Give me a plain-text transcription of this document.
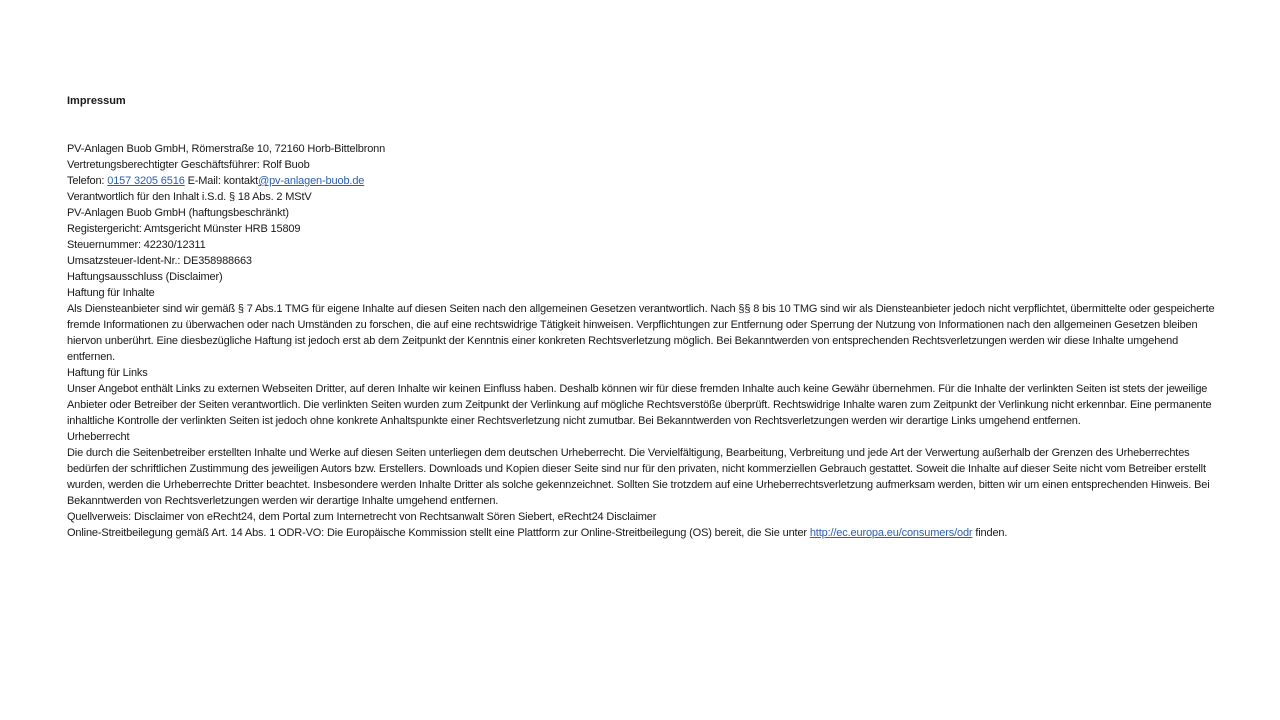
Impressum
PV-Anlagen Buob GmbH, Römerstraße 10, 72160 Horb-Bittelbronn
Vertretungsberechtigter Geschäftsführer: Rolf Buob
Telefon: 0157 3205 6516 E-Mail: kontakt@pv-anlagen-buob.de
Verantwortlich für den Inhalt i.S.d. § 18 Abs. 2 MStV
PV-Anlagen Buob GmbH (haftungsbeschränkt)
Registergericht: Amtsgericht Münster HRB 15809
Steuernummer: 42230/12311
Umsatzsteuer-Ident-Nr.: DE358988663
Haftungsausschluss (Disclaimer)
Haftung für Inhalte
Als Diensteanbieter sind wir gemäß § 7 Abs.1 TMG für eigene Inhalte auf diesen Seiten nach den allgemeinen Gesetzen verantwortlich. Nach §§ 8 bis 10 TMG sind wir als Diensteanbieter jedoch nicht verpflichtet, übermittelte oder gespeicherte fremde Informationen zu überwachen oder nach Umständen zu forschen, die auf eine rechtswidrige Tätigkeit hinweisen. Verpflichtungen zur Entfernung oder Sperrung der Nutzung von Informationen nach den allgemeinen Gesetzen bleiben hiervon unberührt. Eine diesbezügliche Haftung ist jedoch erst ab dem Zeitpunkt der Kenntnis einer konkreten Rechtsverletzung möglich. Bei Bekanntwerden von entsprechenden Rechtsverletzungen werden wir diese Inhalte umgehend entfernen.
Haftung für Links
Unser Angebot enthält Links zu externen Webseiten Dritter, auf deren Inhalte wir keinen Einfluss haben. Deshalb können wir für diese fremden Inhalte auch keine Gewähr übernehmen. Für die Inhalte der verlinkten Seiten ist stets der jeweilige Anbieter oder Betreiber der Seiten verantwortlich. Die verlinkten Seiten wurden zum Zeitpunkt der Verlinkung auf mögliche Rechtsverstöße überprüft. Rechtswidrige Inhalte waren zum Zeitpunkt der Verlinkung nicht erkennbar. Eine permanente inhaltliche Kontrolle der verlinkten Seiten ist jedoch ohne konkrete Anhaltspunkte einer Rechtsverletzung nicht zumutbar. Bei Bekanntwerden von Rechtsverletzungen werden wir derartige Links umgehend entfernen.
Urheberrecht
Die durch die Seitenbetreiber erstellten Inhalte und Werke auf diesen Seiten unterliegen dem deutschen Urheberrecht. Die Vervielfältigung, Bearbeitung, Verbreitung und jede Art der Verwertung außerhalb der Grenzen des Urheberrechtes bedürfen der schriftlichen Zustimmung des jeweiligen Autors bzw. Erstellers. Downloads und Kopien dieser Seite sind nur für den privaten, nicht kommerziellen Gebrauch gestattet. Soweit die Inhalte auf dieser Seite nicht vom Betreiber erstellt wurden, werden die Urheberrechte Dritter beachtet. Insbesondere werden Inhalte Dritter als solche gekennzeichnet. Sollten Sie trotzdem auf eine Urheberrechtsverletzung aufmerksam werden, bitten wir um einen entsprechenden Hinweis. Bei Bekanntwerden von Rechtsverletzungen werden wir derartige Inhalte umgehend entfernen.
Quellverweis: Disclaimer von eRecht24, dem Portal zum Internetrecht von Rechtsanwalt Sören Siebert, eRecht24 Disclaimer
Online-Streitbeilegung gemäß Art. 14 Abs. 1 ODR-VO: Die Europäische Kommission stellt eine Plattform zur Online-Streitbeilegung (OS) bereit, die Sie unter http://ec.europa.eu/consumers/odr finden.
